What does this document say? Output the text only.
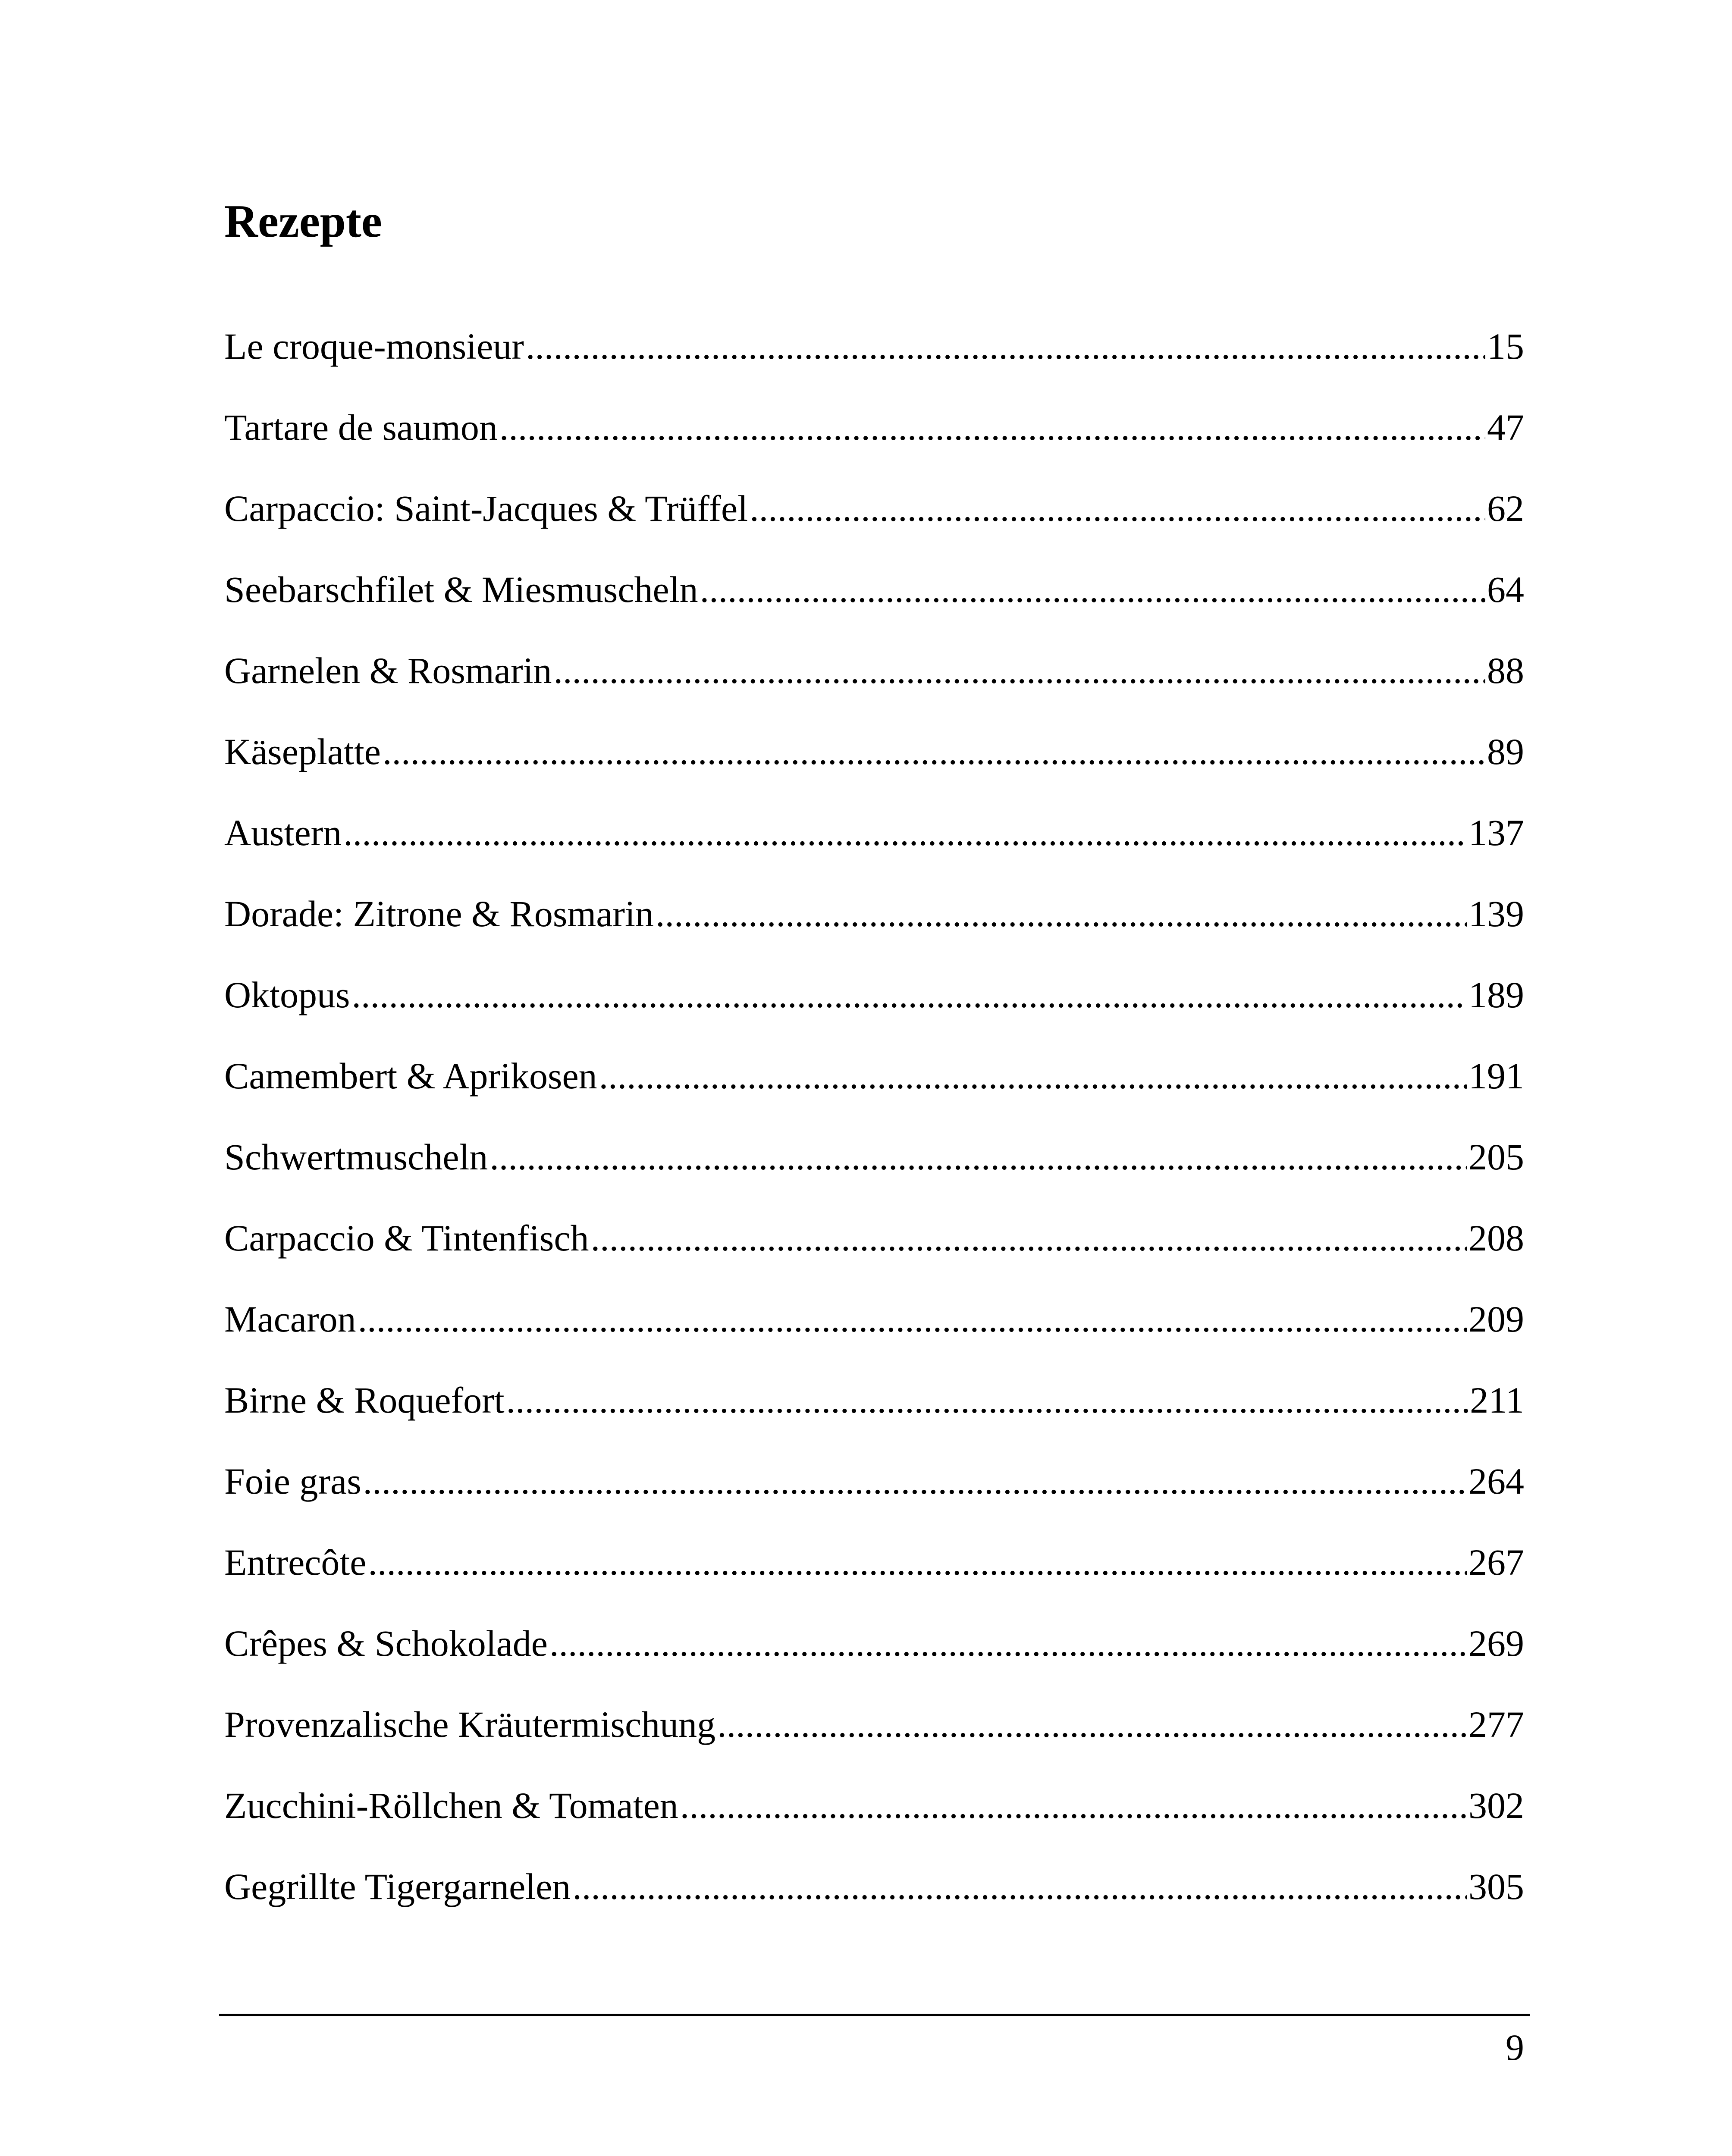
Rezepte
Le croque-monsieur .....	15
Tartare de saumon .....	47
Carpaccio: Saint-Jacques & Trüffel .....	62
Seebarschfilet & Miesmuscheln .....	64
Garnelen & Rosmarin .....	88
Käseplatte .....	89
Austern .....	137
Dorade: Zitrone & Rosmarin .....	139
Oktopus .....	189
Camembert & Aprikosen .....	191
Schwertmuscheln .....	205
Carpaccio & Tintenfisch .....	208
Macaron .....	209
Birne & Roquefort .....	211
Foie gras .....	264
Entrecôte .....	267
Crêpes & Schokolade .....	269
Provenzalische Kräutermischung .....	277
Zucchini-Röllchen & Tomaten .....	302
Gegrillte Tigergarnelen .....	305
9
